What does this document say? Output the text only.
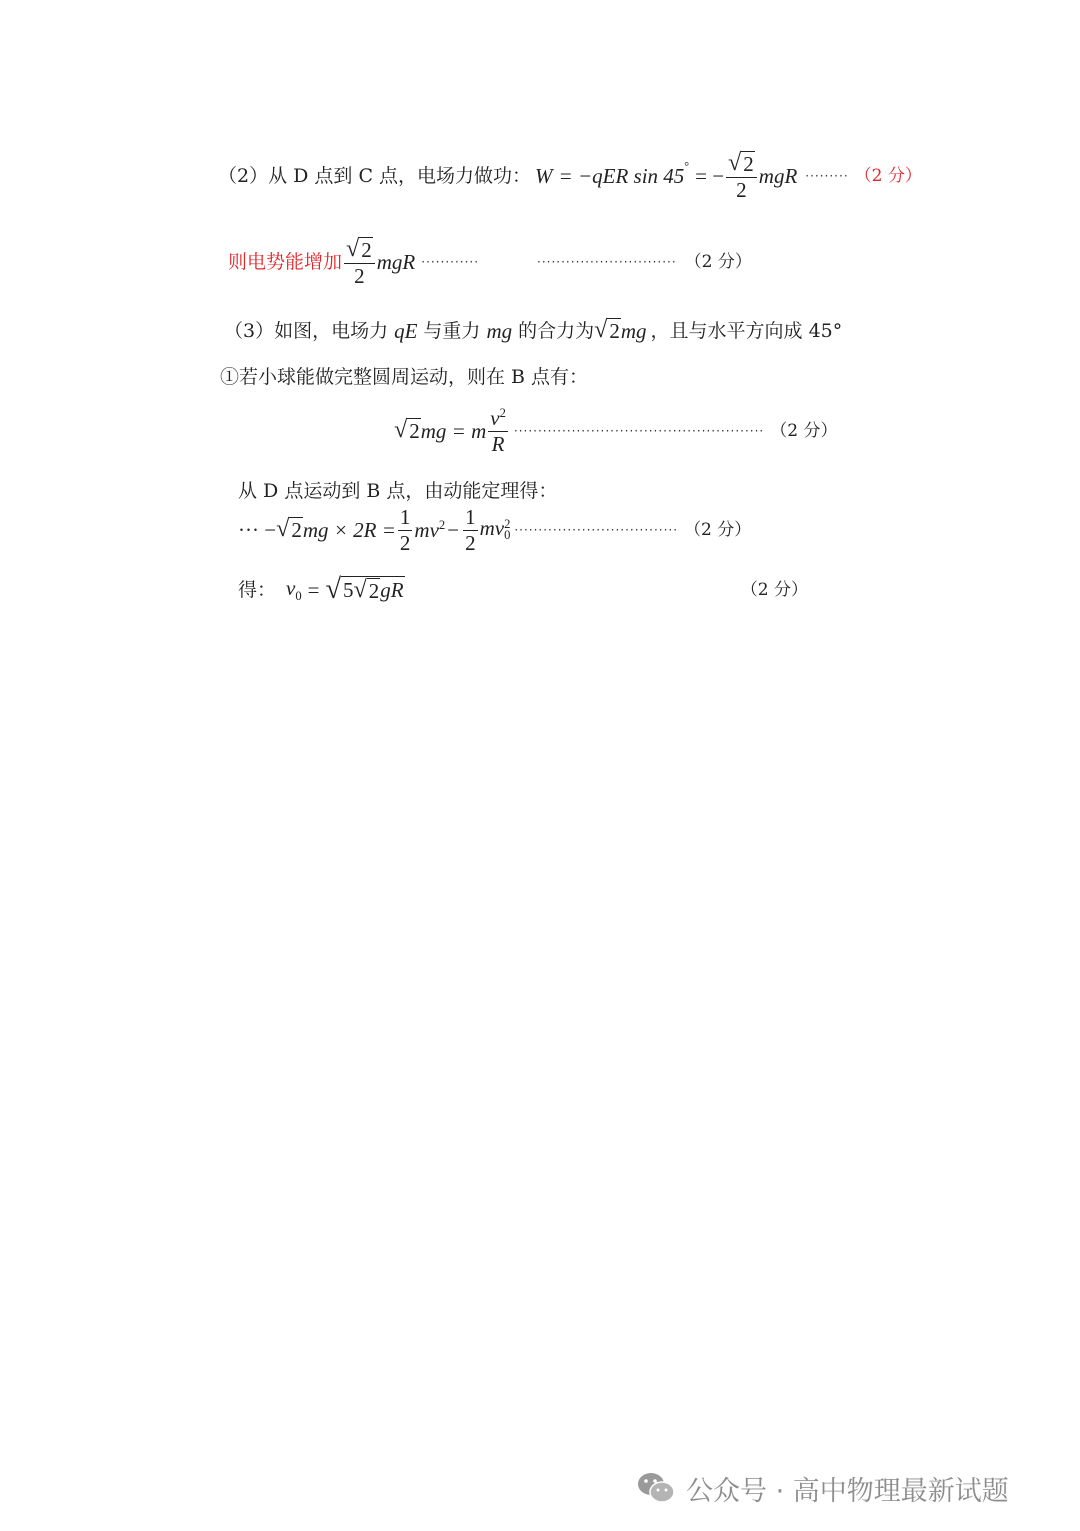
（2）从 D 点到 C 点，电场力做功： W = −qER sin 45 ° = − $\frac{√ 2}{2}$ mgR ········· （2 分）
则电势能增加 $\frac{√ 2}{2}$ mgR ············	····························· （2 分）
（3）如图，电场力 qE 与重力 mg 的合力为 √ 2 mg ，且与水平方向成 45°
①若小球能做完整圆周运动，则在 B 点有：
√ 2 mg = m $\frac{v^2}{R}$ ···················································· （2 分）
从 D 点运动到 B 点，由动能定理得：
··· − √ 2 mg × $2R = \frac{1}{2} mv^2 - \frac{1}{2}$ mv 2
0 ·································· （2 分）
得： $v_0$ = √ 5 √ 2 gR	（2 分）
公众号 · 高中物理最新试题
